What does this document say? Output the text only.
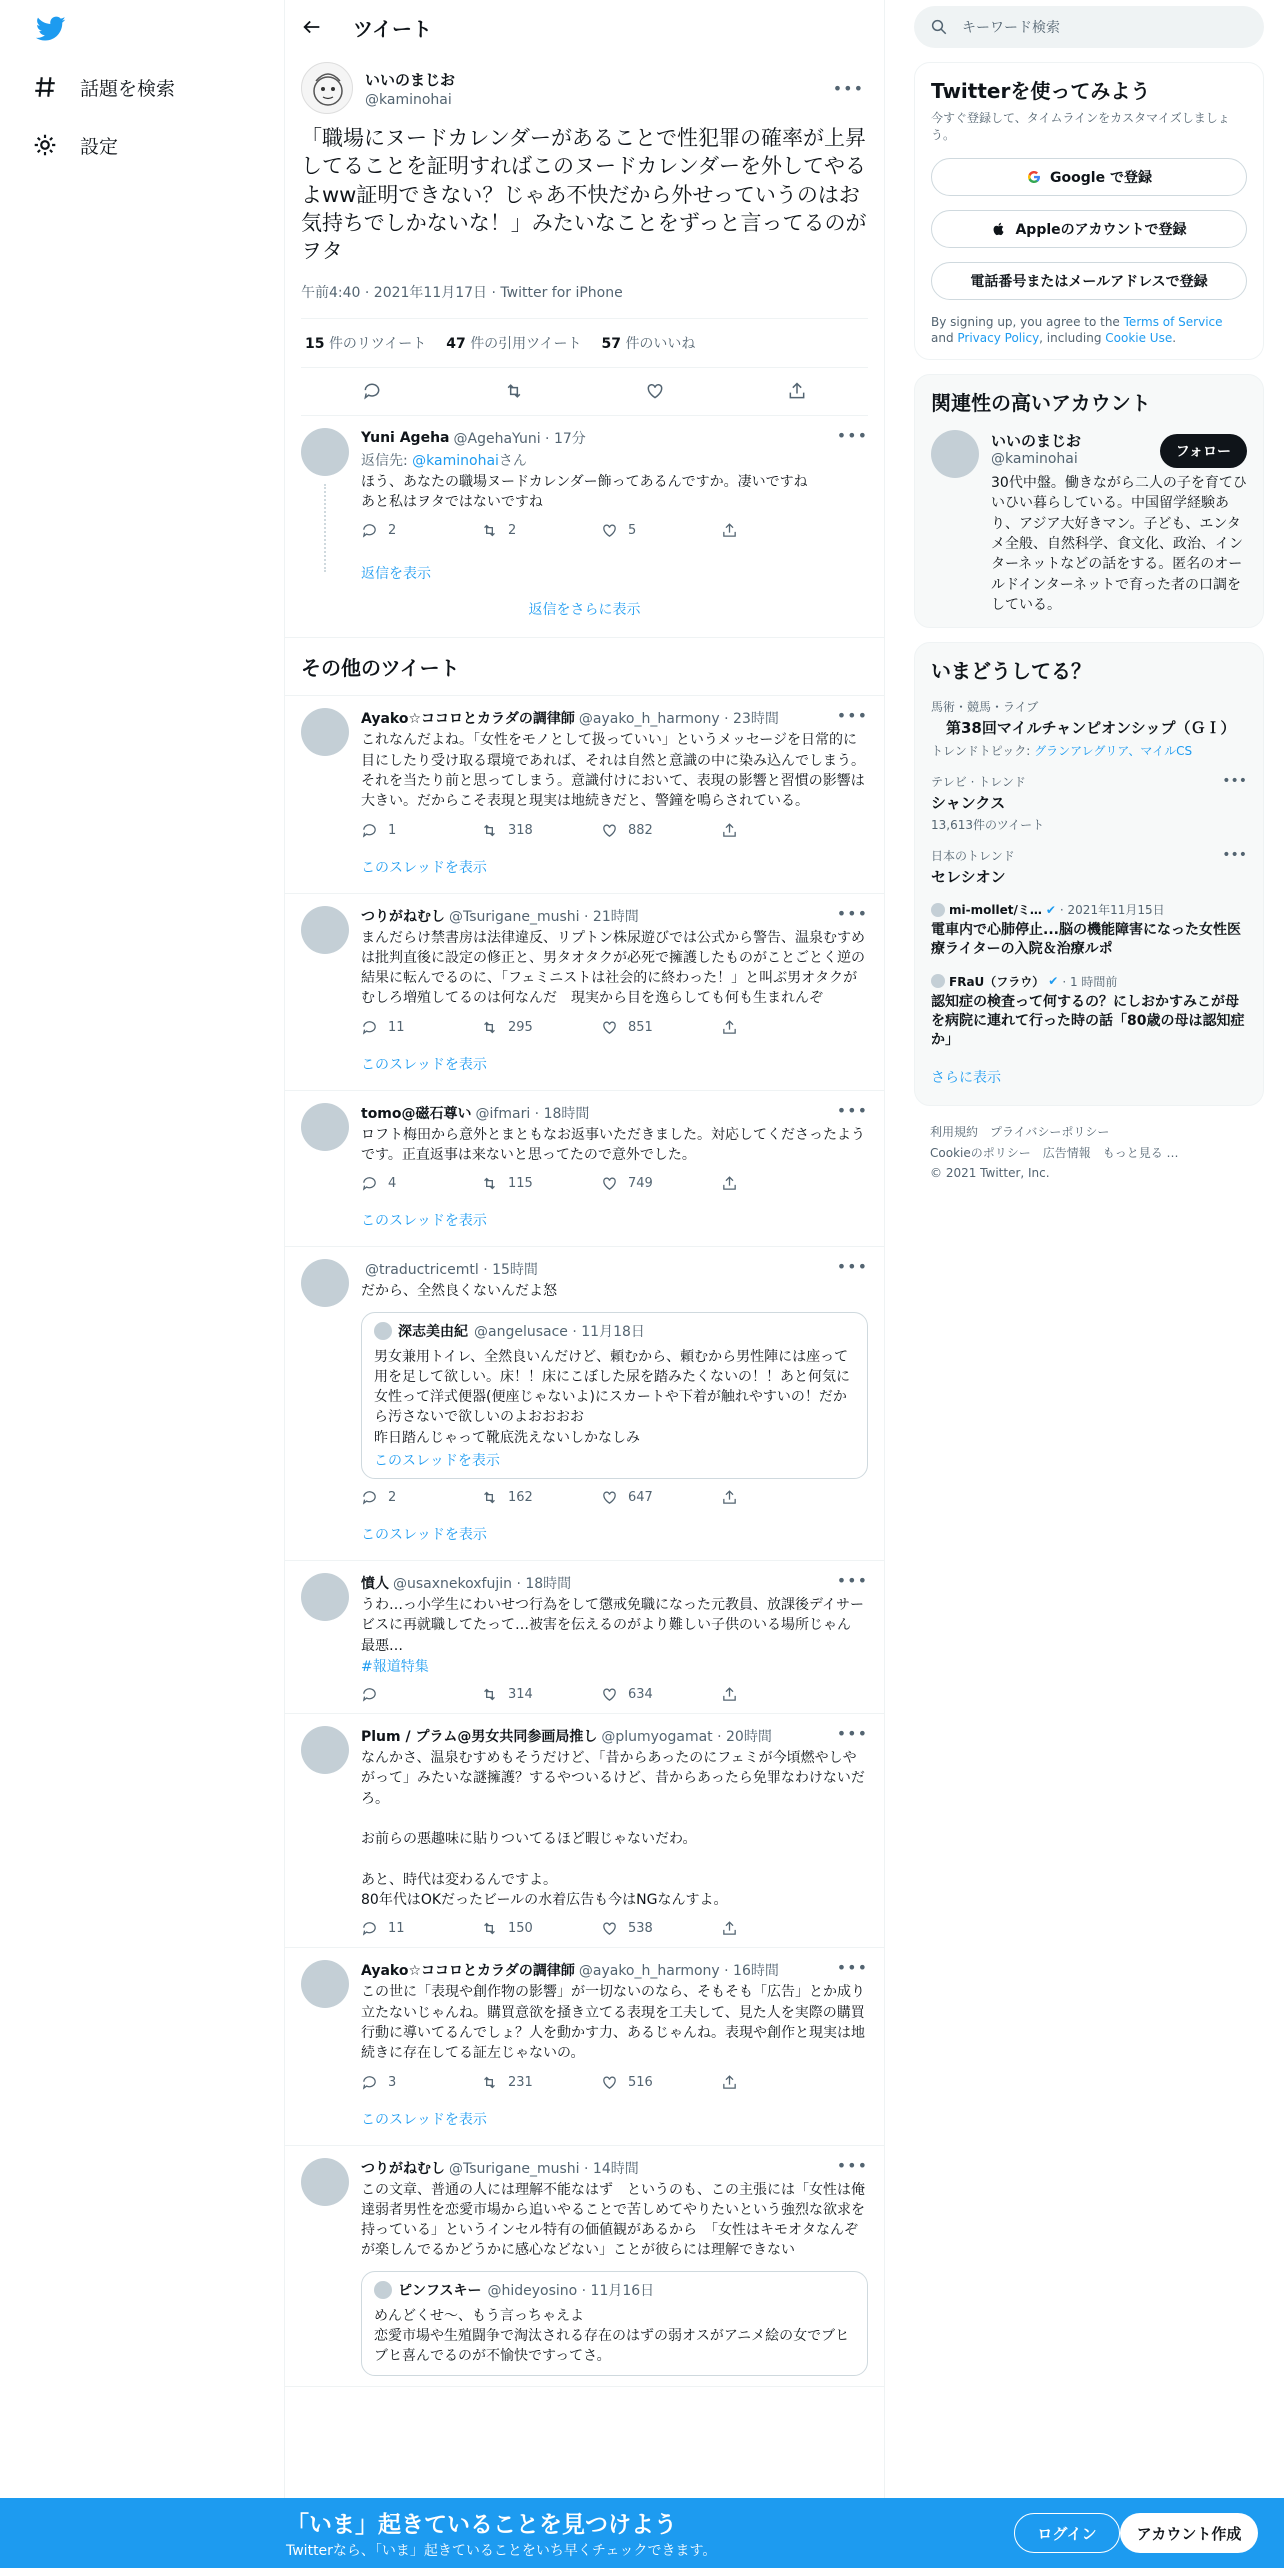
話題を検索
設定
ツイート
いいのまじお
@kaminohai
•••
「職場にヌードカレンダーがあることで性犯罪の確率が上昇してることを証明すればこのヌードカレンダーを外してやるよww証明できない？じゃあ不快だから外せっていうのはお気持ちでしかないな！」みたいなことをずっと言ってるのがヲタ
午前4:40 · 2021年11月17日 · Twitter for iPhone
15 件のリツイート 47 件の引用ツイート 57 件のいいね
Yuni Ageha @AgehaYuni · 17分
返信先: @kaminohaiさん
ほう、あなたの職場ヌードカレンダー飾ってあるんですか。凄いですね
あと私はヲタではないですね
2	2	5
返信を表示
•••
返信をさらに表示
その他のツイート
Ayako☆ココロとカラダの調律師 @ayako_h_harmony · 23時間
これなんだよね。「女性をモノとして扱っていい」というメッセージを日常的に目にしたり受け取る環境であれば、それは自然と意識の中に染み込んでしまう。それを当たり前と思ってしまう。意識付けにおいて、表現の影響と習慣の影響は大きい。だからこそ表現と現実は地続きだと、警鐘を鳴らされている。
1	318	882
•••
このスレッドを表示
つりがねむし @Tsurigane_mushi · 21時間
まんだらけ禁書房は法律違反、リプトン株尿遊びでは公式から警告、温泉むすめは批判直後に設定の修正と、男タオタクが必死で擁護したものがことごとく逆の結果に転んでるのに、「フェミニストは社会的に終わった！」と叫ぶ男オタクがむしろ増殖してるのは何なんだ　現実から目を逸らしても何も生まれんぞ
11	295	851
•••
このスレッドを表示
tomo@磁石尊い @ifmari · 18時間
ロフト梅田から意外とまともなお返事いただきました。対応してくださったようです。正直返事は来ないと思ってたので意外でした。
4	115	749
•••
このスレッドを表示
@traductricemtl · 15時間
だから、全然良くないんだよ怒
深志美由紀 @angelusace · 11月18日
男女兼用トイレ、全然良いんだけど、頼むから、頼むから男性陣には座って用を足して欲しい。床！！床にこぼした尿を踏みたくないの！！あと何気に女性って洋式便器(便座じゃないよ)にスカートや下着が触れやすいの！だから汚さないで欲しいのよおおおお
昨日踏んじゃって靴底洗えないしかなしみ
このスレッドを表示
2	162	647
•••
このスレッドを表示
憤人 @usaxnekoxfujin · 18時間
うわ…っ小学生にわいせつ行為をして懲戒免職になった元教員、放課後デイサービスに再就職してたって…被害を伝えるのがより難しい子供のいる場所じゃん　最悪…
#報道特集
314	634
•••
Plum / プラム@男女共同参画局推し @plumyogamat · 20時間
なんかさ、温泉むすめもそうだけど、「昔からあったのにフェミが今頃燃やしやがって」みたいな謎擁護？するやついるけど、昔からあったら免罪なわけないだろ。

お前らの悪趣味に貼りついてるほど暇じゃないだわ。

あと、時代は変わるんですよ。
80年代はOKだったビールの水着広告も今はNGなんすよ。
11	150	538
•••
Ayako☆ココロとカラダの調律師 @ayako_h_harmony · 16時間
この世に「表現や創作物の影響」が一切ないのなら、そもそも「広告」とか成り立たないじゃんね。購買意欲を掻き立てる表現を工夫して、見た人を実際の購買行動に導いてるんでしょ？人を動かす力、あるじゃんね。表現や創作と現実は地続きに存在してる証左じゃないの。
3	231	516
•••
このスレッドを表示
つりがねむし @Tsurigane_mushi · 14時間
この文章、普通の人には理解不能なはず　というのも、この主張には「女性は俺達弱者男性を恋愛市場から追いやることで苦しめてやりたいという強烈な欲求を持っている」というインセル特有の価値観があるから　「女性はキモオタなんぞが楽しんでるかどうかに感心などない」ことが彼らには理解できない
ピンフスキー @hideyosino · 11月16日
めんどくせ〜、もう言っちゃえよ
恋愛市場や生殖闘争で淘汰される存在のはずの弱オスがアニメ絵の女でブヒブヒ喜んでるのが不愉快ですってさ。
•••
キーワード検索
Twitterを使ってみよう
今すぐ登録して、タイムラインをカスタマイズしましょう。
Google で登録
Appleのアカウントで登録
電話番号またはメールアドレスで登録
By signing up, you agree to the Terms of Service and Privacy Policy, including Cookie Use.
関連性の高いアカウント
いいのまじお
@kaminohai
30代中盤。働きながら二人の子を育てひいひい暮らしている。中国留学経験あり、アジア大好きマン。子ども、エンタメ全般、自然科学、食文化、政治、インターネットなどの話をする。匿名のオールドインターネットで育った者の口調をしている。
フォロー
いまどうしてる？
馬術・競馬・ライブ
　第38回マイルチャンピオンシップ（ＧＩ）
トレンドトピック: グランアレグリア、マイルCS
テレビ · トレンド
シャンクス
13,613件のツイート
•••
日本のトレンド
セレシオン
•••
mi-mollet/ミ… ✔ · 2021年11月15日
電車内で心肺停止...脳の機能障害になった女性医療ライターの入院＆治療ルポ
FRaU（フラウ） ✔ · 1 時間前
認知症の検査って何するの？にしおかすみこが母を病院に連れて行った時の話「80歳の母は認知症か」
さらに表示
利用規約　プライバシーポリシー
Cookieのポリシー　広告情報　もっと見る …
© 2021 Twitter, Inc.
「いま」起きていることを見つけよう
Twitterなら、「いま」起きていることをいち早くチェックできます。
ログイン	アカウント作成
